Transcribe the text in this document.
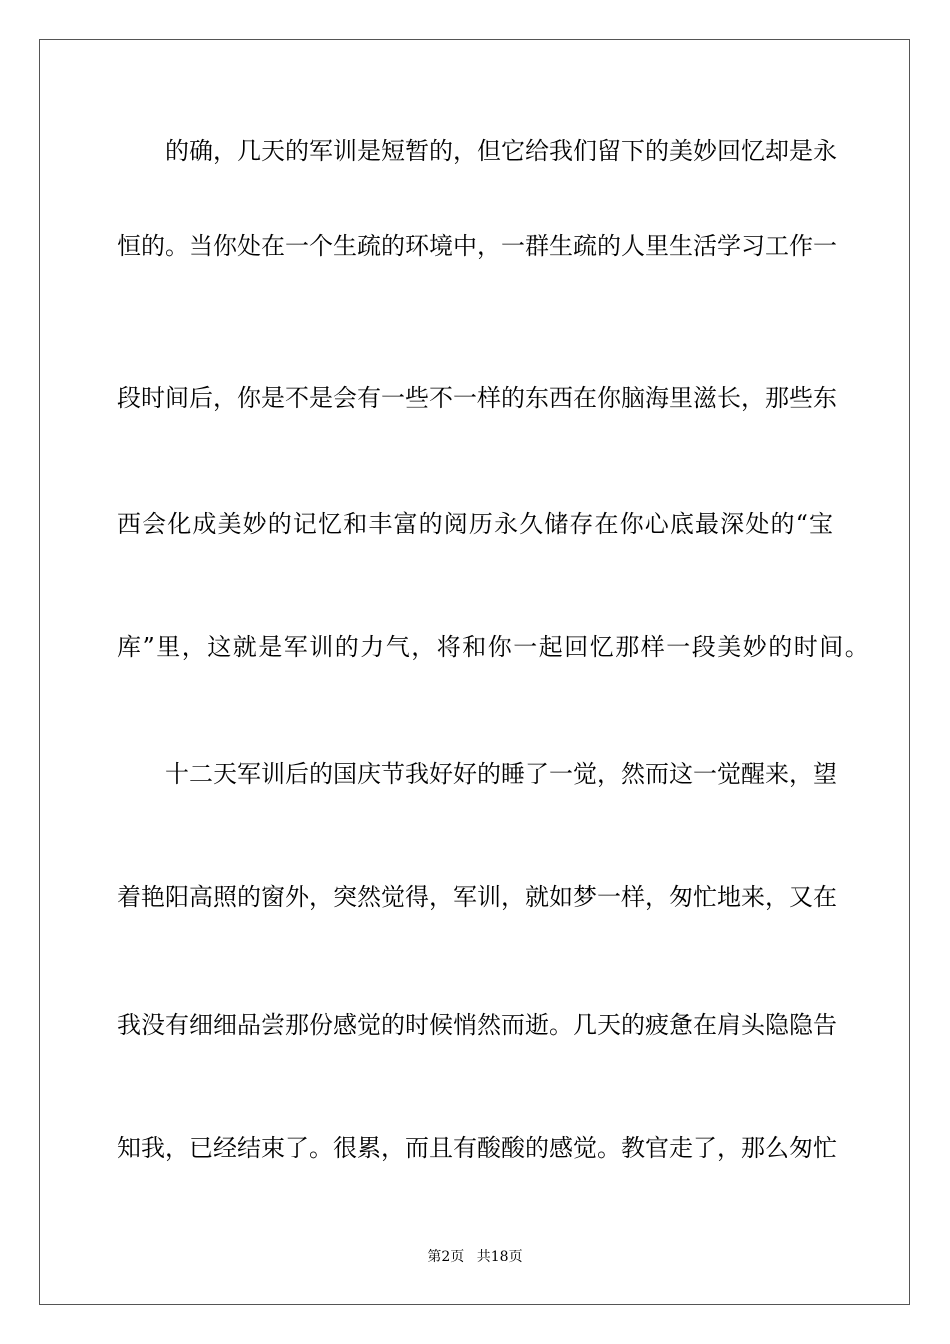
的确，几天的军训是短暂的，但它给我们留下的美妙回忆却是永
恒的。当你处在一个生疏的环境中，一群生疏的人里生活学习工作一
段时间后，你是不是会有一些不一样的东西在你脑海里滋长，那些东
西会化成美妙的记忆和丰富的阅历永久储存在你心底最深处的“宝
库”里，这就是军训的力气，将和你一起回忆那样一段美妙的时间。
十二天军训后的国庆节我好好的睡了一觉，然而这一觉醒来，望
着艳阳高照的窗外，突然觉得，军训，就如梦一样，匆忙地来，又在
我没有细细品尝那份感觉的时候悄然而逝。几天的疲惫在肩头隐隐告
知我，已经结束了。很累，而且有酸酸的感觉。教官走了，那么匆忙
第2页 共18页
